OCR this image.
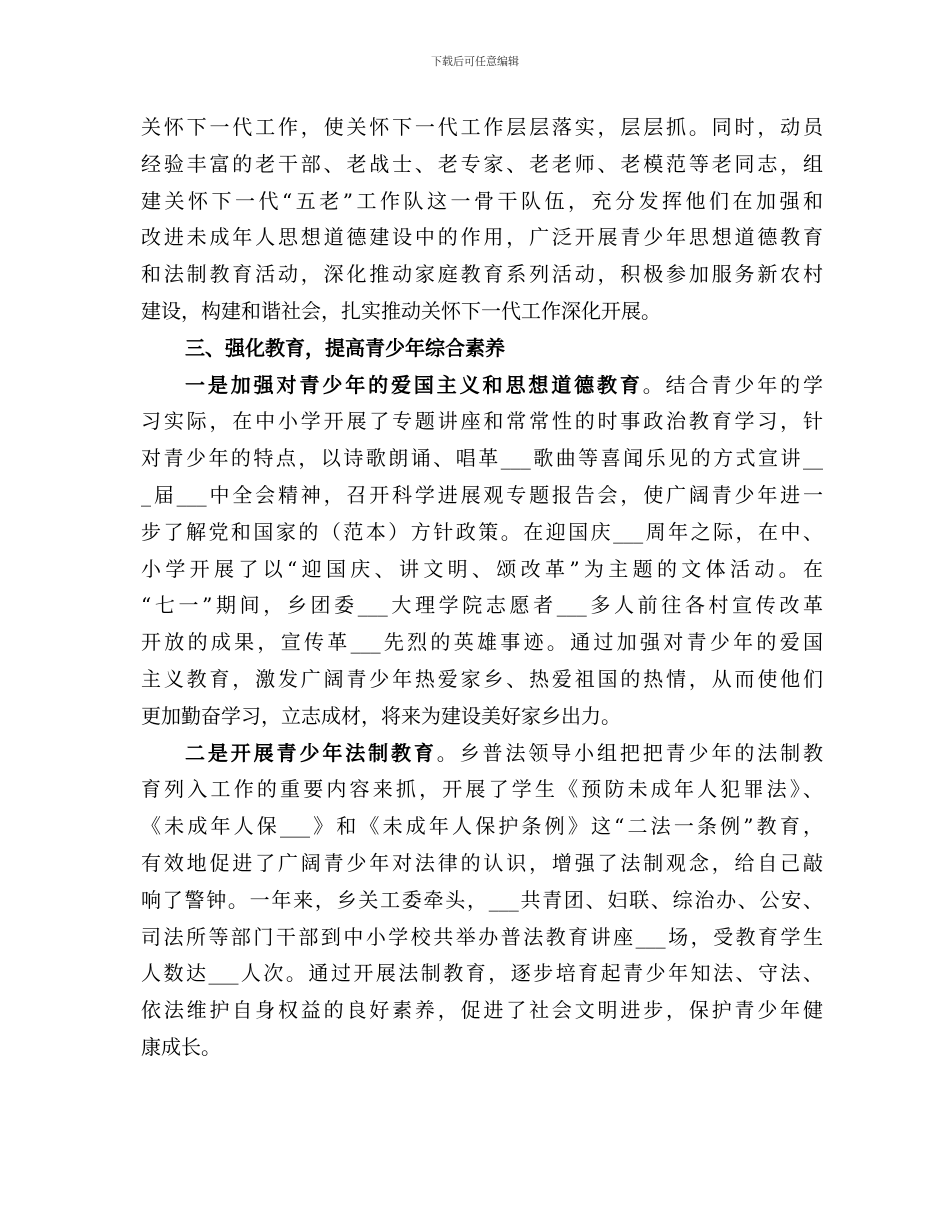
下载后可任意编辑
关怀下一代工作，使关怀下一代工作层层落实，层层抓。同时，动员
经验丰富的老干部、老战士、老专家、老老师、老模范等老同志，组
建关怀下一代“五老”工作队这一骨干队伍，充分发挥他们在加强和
改进未成年人思想道德建设中的作用，广泛开展青少年思想道德教育
和法制教育活动，深化推动家庭教育系列活动，积极参加服务新农村
建设，构建和谐社会，扎实推动关怀下一代工作深化开展。
三、强化教育，提高青少年综合素养
一是加强对青少年的爱国主义和思想道德教育。结合青少年的学
习实际，在中小学开展了专题讲座和常常性的时事政治教育学习，针
对青少年的特点，以诗歌朗诵、唱革___歌曲等喜闻乐见的方式宣讲__
_届___中全会精神，召开科学进展观专题报告会，使广阔青少年进一
步了解党和国家的（范本）方针政策。在迎国庆___周年之际，在中、
小学开展了以“迎国庆、讲文明、颂改革”为主题的文体活动。在
“七一”期间，乡团委___大理学院志愿者___多人前往各村宣传改革
开放的成果，宣传革___先烈的英雄事迹。通过加强对青少年的爱国
主义教育，激发广阔青少年热爱家乡、热爱祖国的热情，从而使他们
更加勤奋学习，立志成材，将来为建设美好家乡出力。
二是开展青少年法制教育。乡普法领导小组把把青少年的法制教
育列入工作的重要内容来抓，开展了学生《预防未成年人犯罪法》、
《未成年人保___》和《未成年人保护条例》这“二法一条例”教育，
有效地促进了广阔青少年对法律的认识，增强了法制观念，给自己敲
响了警钟。一年来，乡关工委牵头，___共青团、妇联、综治办、公安、
司法所等部门干部到中小学校共举办普法教育讲座___场，受教育学生
人数达___人次。通过开展法制教育，逐步培育起青少年知法、守法、
依法维护自身权益的良好素养，促进了社会文明进步，保护青少年健
康成长。
